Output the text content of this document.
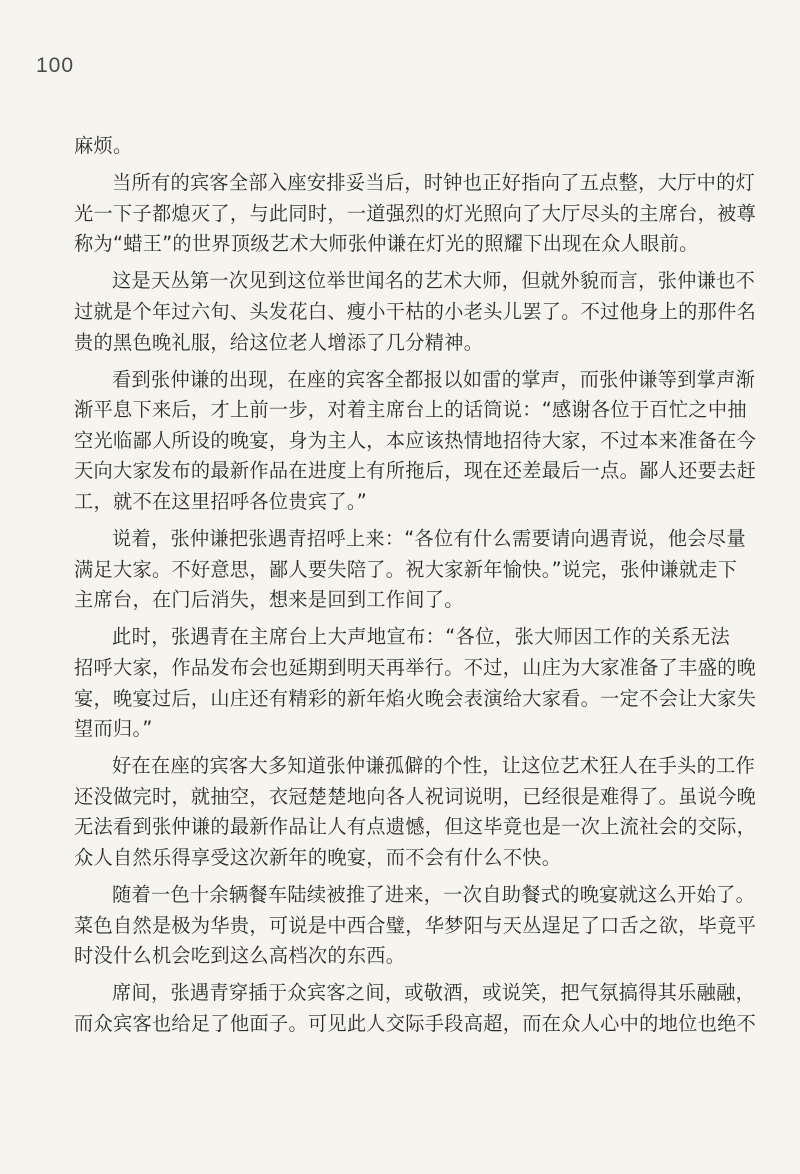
100
麻烦。
当所有的宾客全部入座安排妥当后，时钟也正好指向了五点整，大厅中的灯
光一下子都熄灭了，与此同时，一道强烈的灯光照向了大厅尽头的主席台，被尊
称为“蜡王”的世界顶级艺术大师张仲谦在灯光的照耀下出现在众人眼前。
这是天丛第一次见到这位举世闻名的艺术大师，但就外貌而言，张仲谦也不
过就是个年过六旬、头发花白、瘦小干枯的小老头儿罢了。不过他身上的那件名
贵的黑色晚礼服，给这位老人增添了几分精神。
看到张仲谦的出现，在座的宾客全都报以如雷的掌声，而张仲谦等到掌声渐
渐平息下来后，才上前一步，对着主席台上的话筒说：“感谢各位于百忙之中抽
空光临鄙人所设的晚宴，身为主人，本应该热情地招待大家，不过本来准备在今
天向大家发布的最新作品在进度上有所拖后，现在还差最后一点。鄙人还要去赶
工，就不在这里招呼各位贵宾了。”
说着，张仲谦把张遇青招呼上来：“各位有什么需要请向遇青说，他会尽量
满足大家。不好意思，鄙人要失陪了。祝大家新年愉快。”说完，张仲谦就走下
主席台，在门后消失，想来是回到工作间了。
此时，张遇青在主席台上大声地宣布：“各位，张大师因工作的关系无法
招呼大家，作品发布会也延期到明天再举行。不过，山庄为大家准备了丰盛的晚
宴，晚宴过后，山庄还有精彩的新年焰火晚会表演给大家看。一定不会让大家失
望而归。”
好在在座的宾客大多知道张仲谦孤僻的个性，让这位艺术狂人在手头的工作
还没做完时，就抽空，衣冠楚楚地向各人祝词说明，已经很是难得了。虽说今晚
无法看到张仲谦的最新作品让人有点遗憾，但这毕竟也是一次上流社会的交际，
众人自然乐得享受这次新年的晚宴，而不会有什么不快。
随着一色十余辆餐车陆续被推了进来，一次自助餐式的晚宴就这么开始了。
菜色自然是极为华贵，可说是中西合璧，华梦阳与天丛逞足了口舌之欲，毕竟平
时没什么机会吃到这么高档次的东西。
席间，张遇青穿插于众宾客之间，或敬酒，或说笑，把气氛搞得其乐融融，
而众宾客也给足了他面子。可见此人交际手段高超，而在众人心中的地位也绝不
